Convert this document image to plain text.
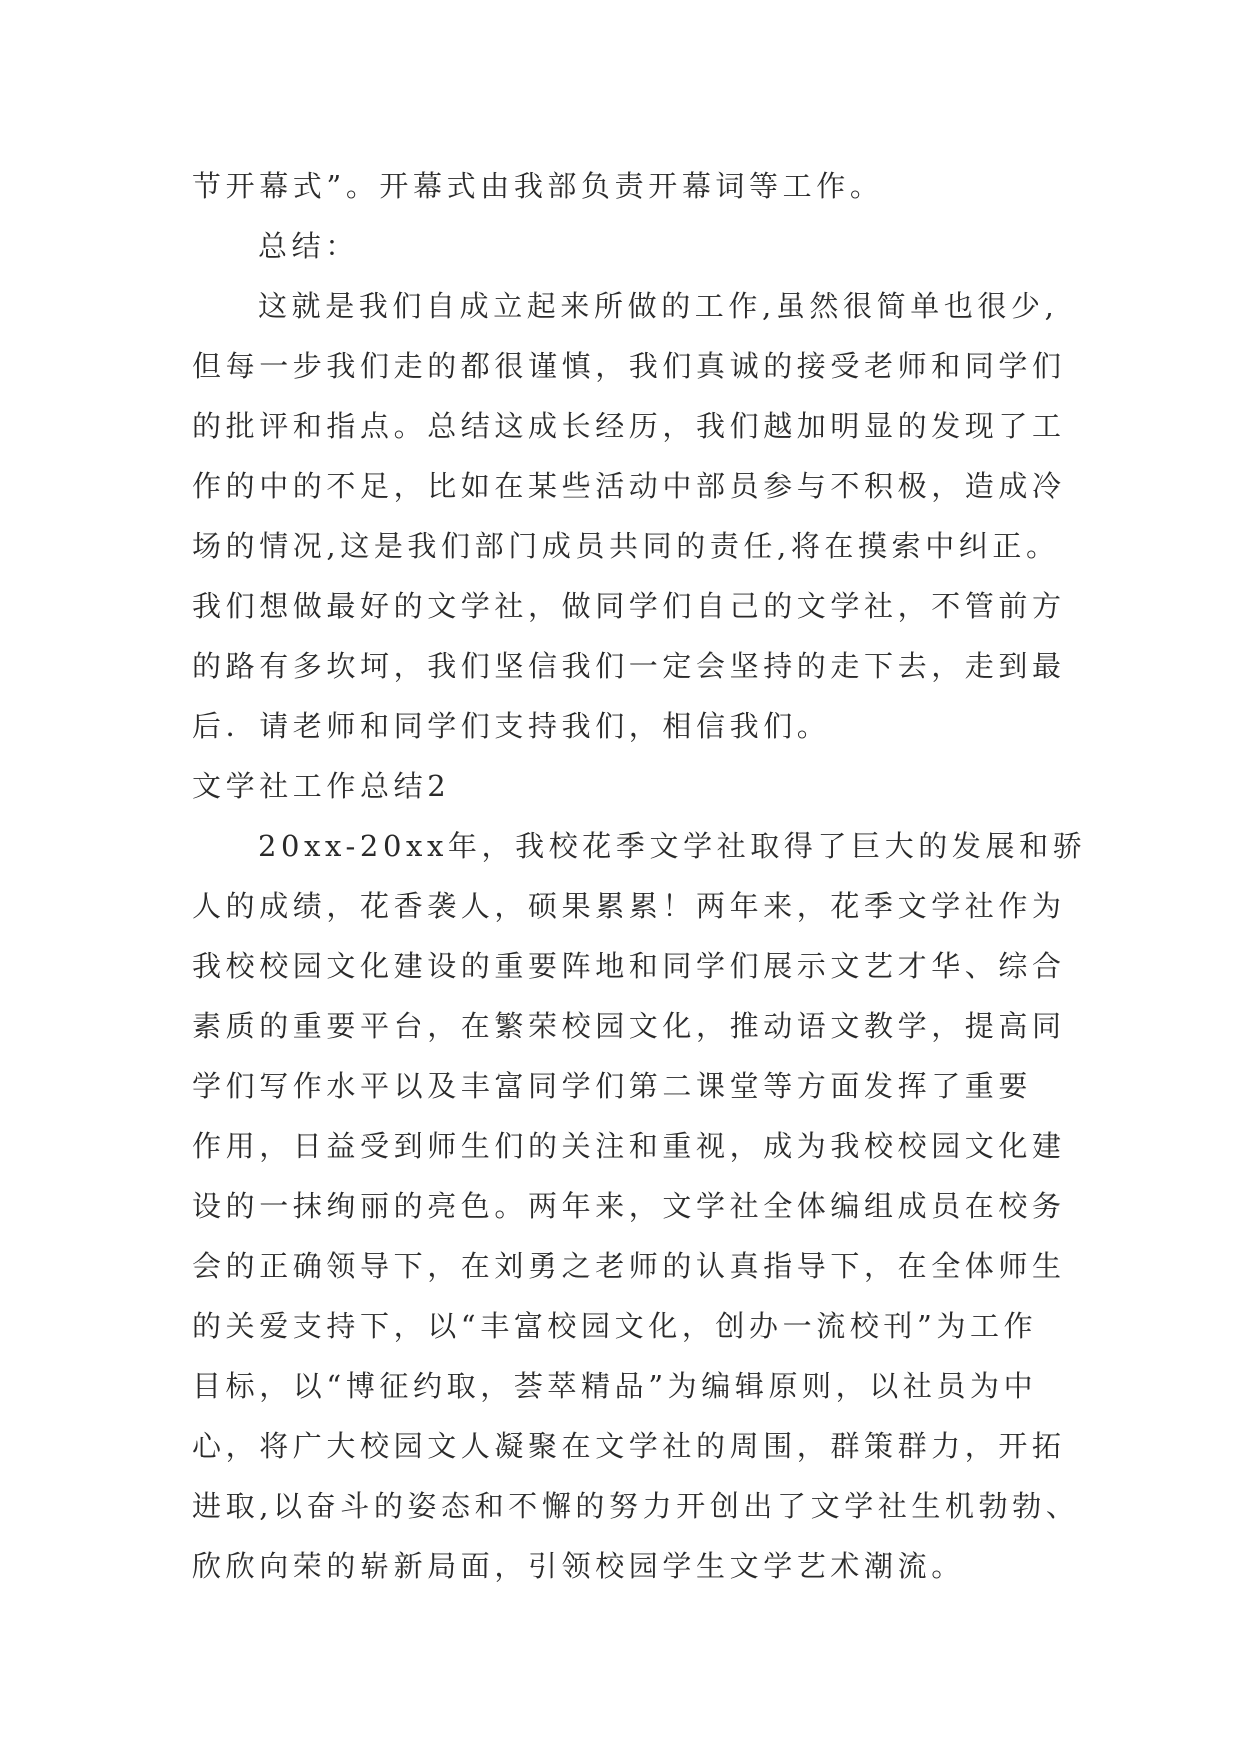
节开幕式”。开幕式由我部负责开幕词等工作。
总结：
这就是我们自成立起来所做的工作,虽然很简单也很少,
但每一步我们走的都很谨慎，我们真诚的接受老师和同学们
的批评和指点。总结这成长经历，我们越加明显的发现了工
作的中的不足，比如在某些活动中部员参与不积极，造成冷
场的情况,这是我们部门成员共同的责任,将在摸索中纠正。
我们想做最好的文学社，做同学们自己的文学社，不管前方
的路有多坎坷，我们坚信我们一定会坚持的走下去，走到最
后．请老师和同学们支持我们，相信我们。
文学社工作总结2
20xx-20xx年，我校花季文学社取得了巨大的发展和骄
人的成绩，花香袭人，硕果累累！两年来，花季文学社作为
我校校园文化建设的重要阵地和同学们展示文艺才华、综合
素质的重要平台，在繁荣校园文化，推动语文教学，提高同
学们写作水平以及丰富同学们第二课堂等方面发挥了重要
作用，日益受到师生们的关注和重视，成为我校校园文化建
设的一抹绚丽的亮色。两年来，文学社全体编组成员在校务
会的正确领导下，在刘勇之老师的认真指导下，在全体师生
的关爱支持下，以“丰富校园文化，创办一流校刊”为工作
目标，以“博征约取，荟萃精品”为编辑原则，以社员为中
心，将广大校园文人凝聚在文学社的周围，群策群力，开拓
进取,以奋斗的姿态和不懈的努力开创出了文学社生机勃勃、
欣欣向荣的崭新局面，引领校园学生文学艺术潮流。
